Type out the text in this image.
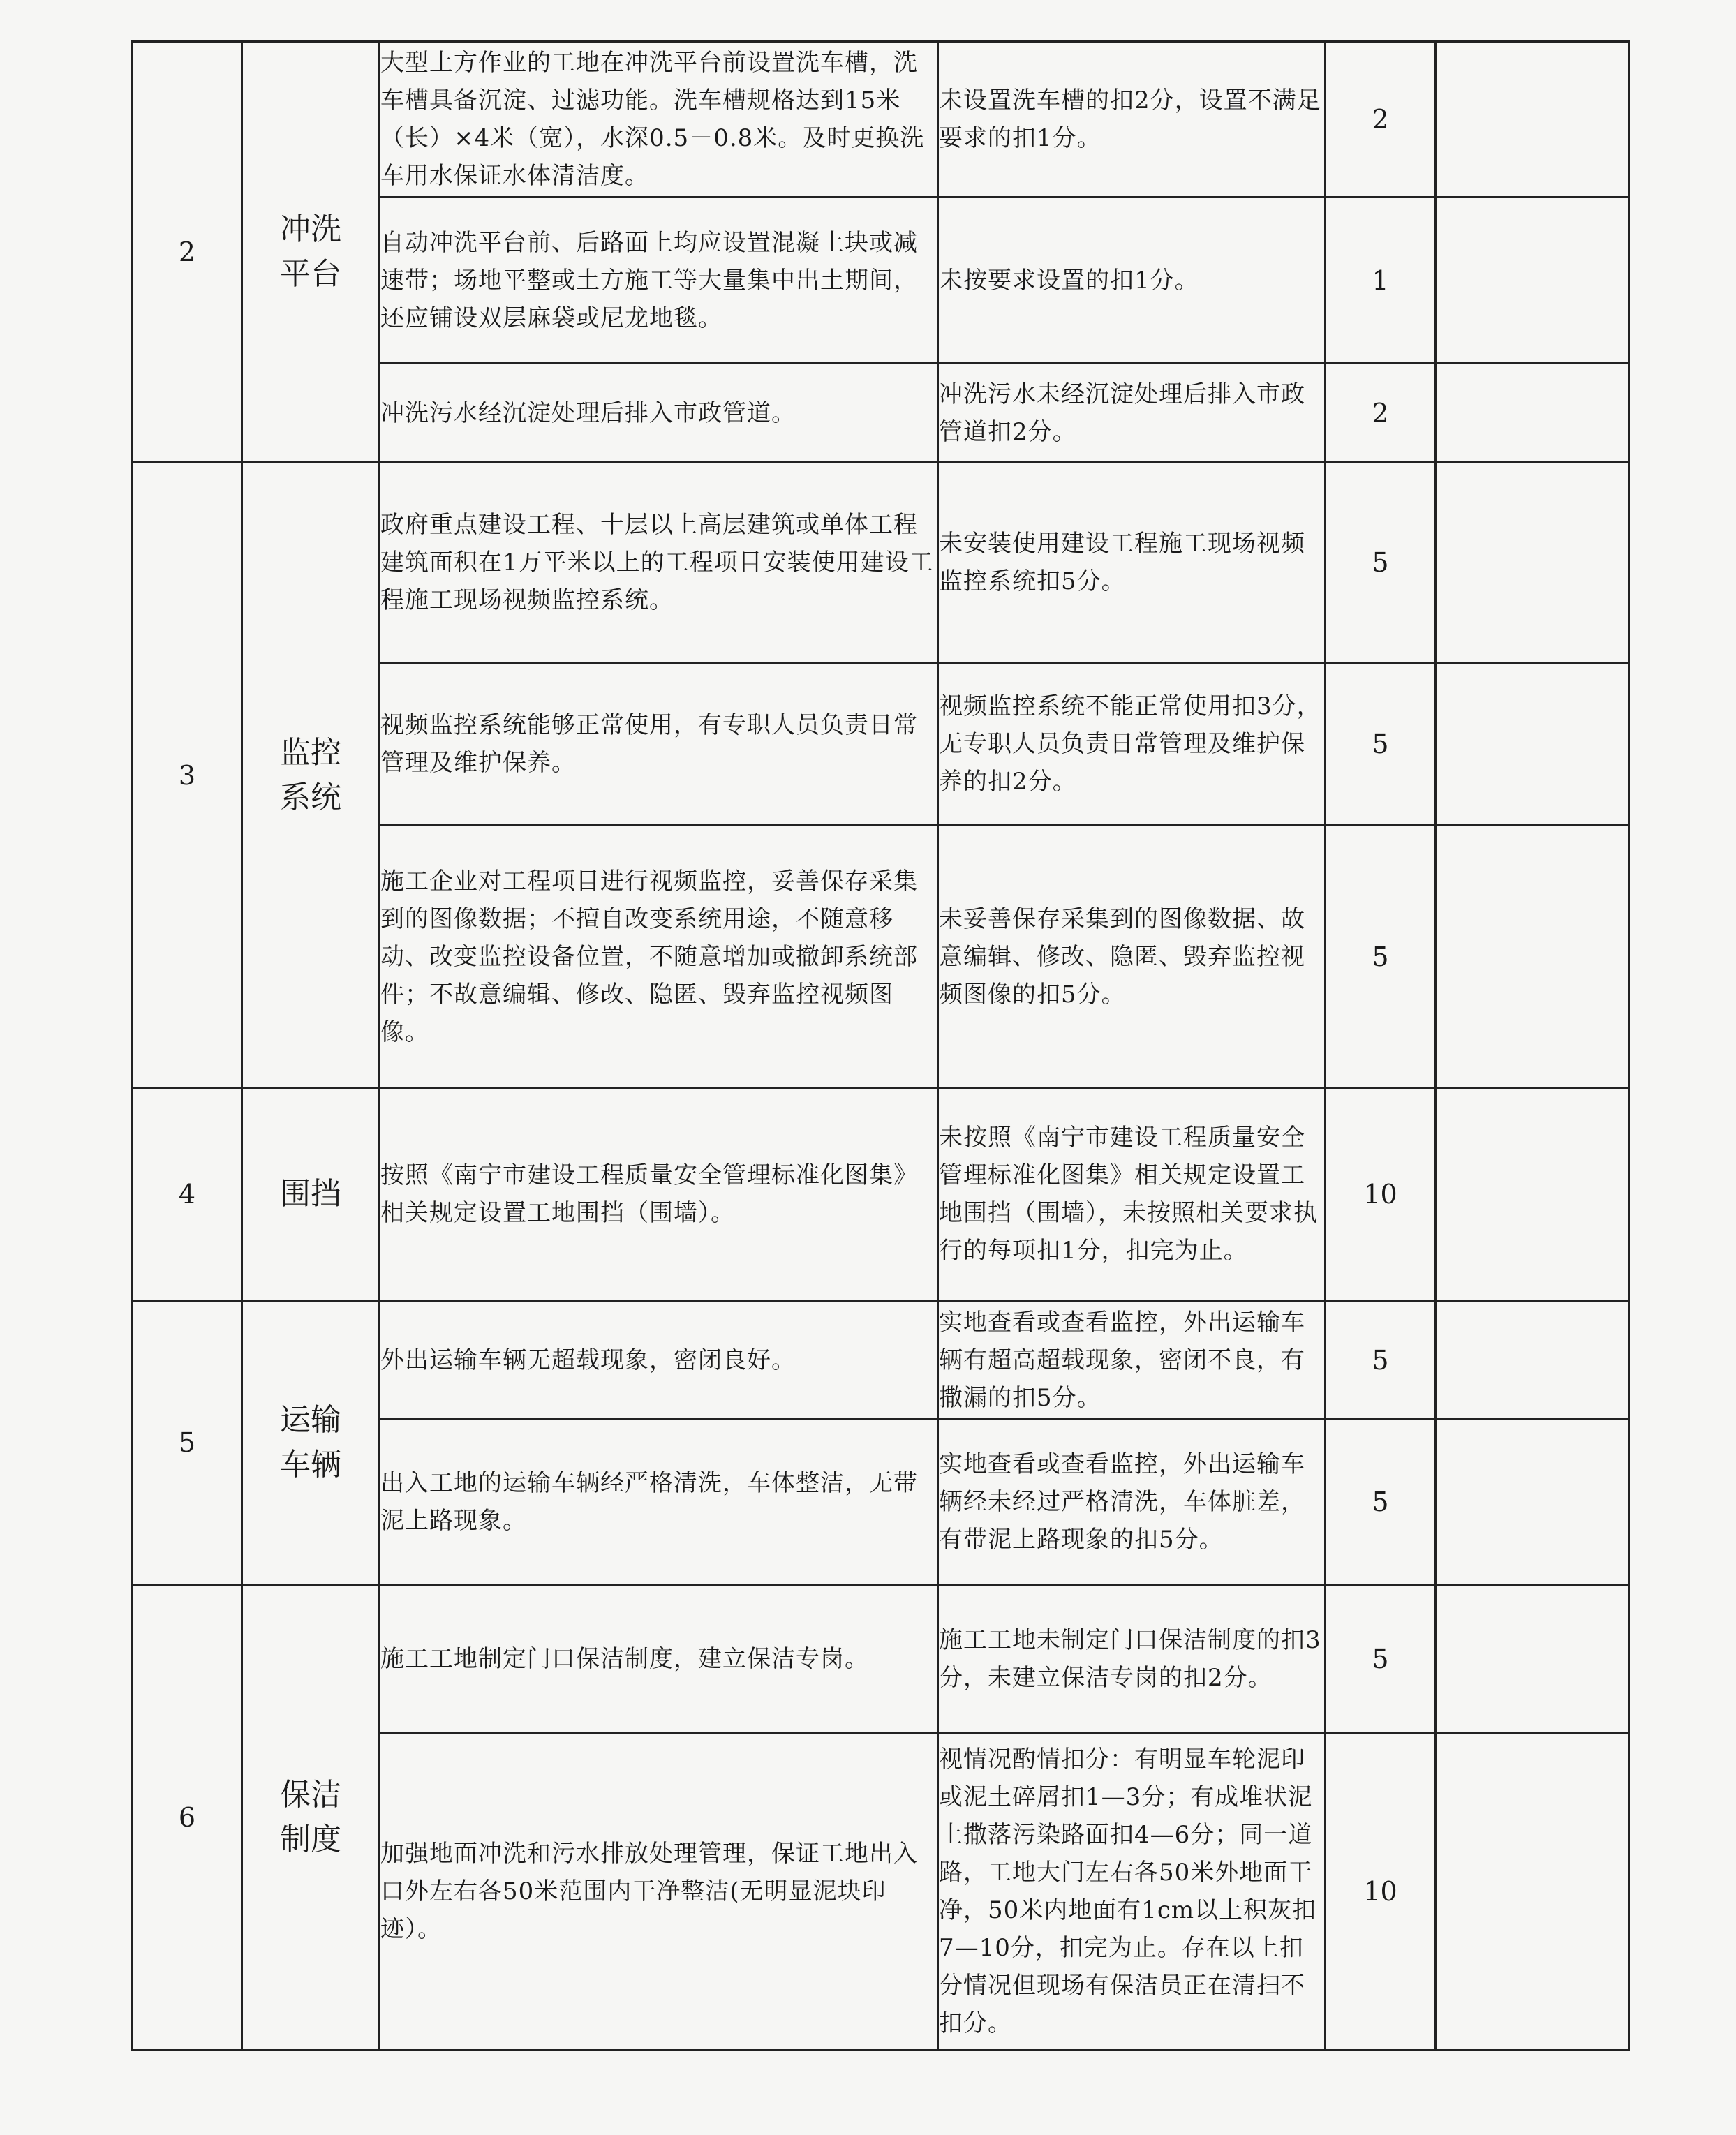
2	冲洗平台	大型土方作业的工地在冲洗平台前设置洗车槽，洗车槽具备沉淀、过滤功能。洗车槽规格达到15米（长）×4米（宽），水深0.5－0.8米。及时更换洗车用水保证水体清洁度。	未设置洗车槽的扣2分，设置不满足要求的扣1分。	2	
		自动冲洗平台前、后路面上均应设置混凝土块或减速带；场地平整或土方施工等大量集中出土期间，还应铺设双层麻袋或尼龙地毯。	未按要求设置的扣1分。	1	
		冲洗污水经沉淀处理后排入市政管道。	冲洗污水未经沉淀处理后排入市政管道扣2分。	2	
3	监控系统	政府重点建设工程、十层以上高层建筑或单体工程建筑面积在1万平米以上的工程项目安装使用建设工程施工现场视频监控系统。	未安装使用建设工程施工现场视频监控系统扣5分。	5	
		视频监控系统能够正常使用，有专职人员负责日常管理及维护保养。	视频监控系统不能正常使用扣3分，无专职人员负责日常管理及维护保养的扣2分。	5	
		施工企业对工程项目进行视频监控，妥善保存采集到的图像数据；不擅自改变系统用途，不随意移动、改变监控设备位置，不随意增加或撤卸系统部件；不故意编辑、修改、隐匿、毁弃监控视频图像。	未妥善保存采集到的图像数据、故意编辑、修改、隐匿、毁弃监控视频图像的扣5分。	5	
4	围挡	按照《南宁市建设工程质量安全管理标准化图集》相关规定设置工地围挡（围墙）。	未按照《南宁市建设工程质量安全管理标准化图集》相关规定设置工地围挡（围墙），未按照相关要求执行的每项扣1分，扣完为止。	10	
5	运输车辆	外出运输车辆无超载现象，密闭良好。	实地查看或查看监控，外出运输车辆有超高超载现象，密闭不良，有撒漏的扣5分。	5	
		出入工地的运输车辆经严格清洗，车体整洁，无带泥上路现象。	实地查看或查看监控，外出运输车辆经未经过严格清洗，车体脏差，有带泥上路现象的扣5分。	5	
6	保洁制度	施工工地制定门口保洁制度，建立保洁专岗。	施工工地未制定门口保洁制度的扣3分，未建立保洁专岗的扣2分。	5	
		加强地面冲洗和污水排放处理管理，保证工地出入口外左右各50米范围内干净整洁(无明显泥块印迹）。	视情况酌情扣分：有明显车轮泥印或泥土碎屑扣1—3分；有成堆状泥土撒落污染路面扣4—6分；同一道路，工地大门左右各50米外地面干净，50米内地面有1cm以上积灰扣7—10分，扣完为止。存在以上扣分情况但现场有保洁员正在清扫不扣分。	10	
